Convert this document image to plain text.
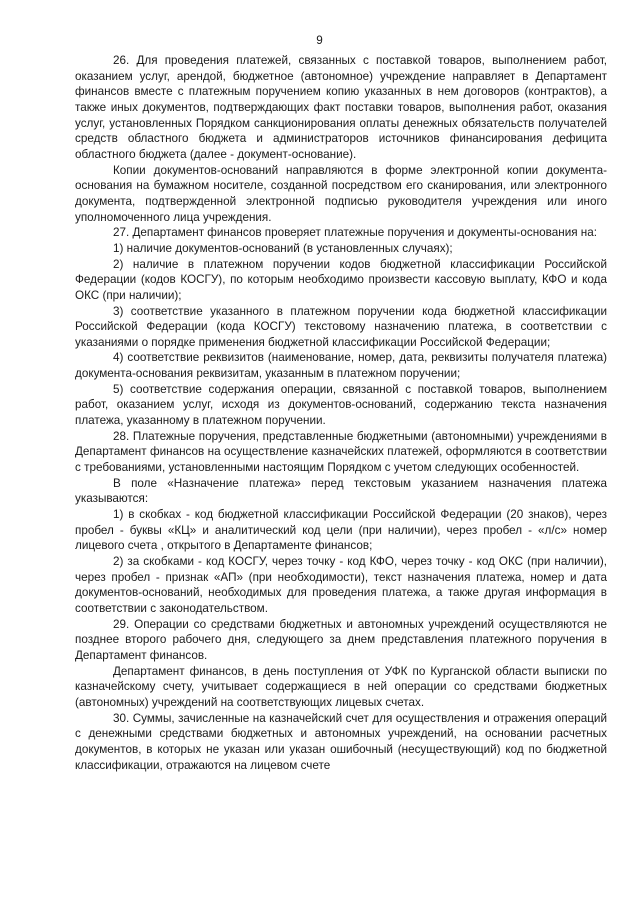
9

26. Для проведения платежей, связанных с поставкой товаров, выполнением работ, оказанием услуг, арендой, бюджетное (автономное) учреждение направляет в Департамент финансов вместе с платежным поручением копию указанных в нем договоров (контрактов), а также иных документов, подтверждающих факт поставки товаров, выполнения работ, оказания услуг, установленных Порядком санкционирования оплаты денежных обязательств получателей средств областного бюджета и администраторов источников финансирования дефицита областного бюджета (далее - документ-основание).

Копии документов-оснований направляются в форме электронной копии документа-основания на бумажном носителе, созданной посредством его сканирования, или электронного документа, подтвержденной электронной подписью руководителя учреждения или иного уполномоченного лица учреждения.

27. Департамент финансов проверяет платежные поручения и документы-основания на:

1) наличие документов-оснований (в установленных случаях);

2) наличие в платежном поручении кодов бюджетной классификации Российской Федерации (кодов КОСГУ), по которым необходимо произвести кассовую выплату, КФО и кода ОКС (при наличии);

3) соответствие указанного в платежном поручении кода бюджетной классификации Российской Федерации (кода КОСГУ) текстовому назначению платежа, в соответствии с указаниями о порядке применения бюджетной классификации Российской Федерации;

4) соответствие реквизитов (наименование, номер, дата, реквизиты получателя платежа) документа-основания реквизитам, указанным в платежном поручении;

5) соответствие содержания операции, связанной с поставкой товаров, выполнением работ, оказанием услуг, исходя из документов-оснований, содержанию текста назначения платежа, указанному в платежном поручении.

28. Платежные поручения, представленные бюджетными (автономными) учреждениями в Департамент финансов на осуществление казначейских платежей, оформляются в соответствии с требованиями, установленными настоящим Порядком с учетом следующих особенностей.

В поле «Назначение платежа» перед текстовым указанием назначения платежа указываются:

1) в скобках - код бюджетной классификации Российской Федерации (20 знаков), через пробел - буквы «КЦ» и аналитический код цели (при наличии), через пробел - «л/с» номер лицевого счета , открытого в Департаменте финансов;

2) за скобками - код КОСГУ, через точку - код КФО, через точку - код ОКС (при наличии), через пробел - признак «АП» (при необходимости), текст назначения платежа, номер и дата документов-оснований, необходимых для проведения платежа, а также другая информация в соответствии с законодательством.

29. Операции со средствами бюджетных и автономных учреждений осуществляются не позднее второго рабочего дня, следующего за днем представления платежного поручения в Департамент финансов.

Департамент финансов, в день поступления от УФК по Курганской области выписки по казначейскому счету, учитывает содержащиеся в ней операции со средствами бюджетных (автономных) учреждений на соответствующих лицевых счетах.

30. Суммы, зачисленные на казначейский счет для осуществления и отражения операций с денежными средствами бюджетных и автономных учреждений, на основании расчетных документов, в которых не указан или указан ошибочный (несуществующий) код по бюджетной классификации, отражаются на лицевом счете
